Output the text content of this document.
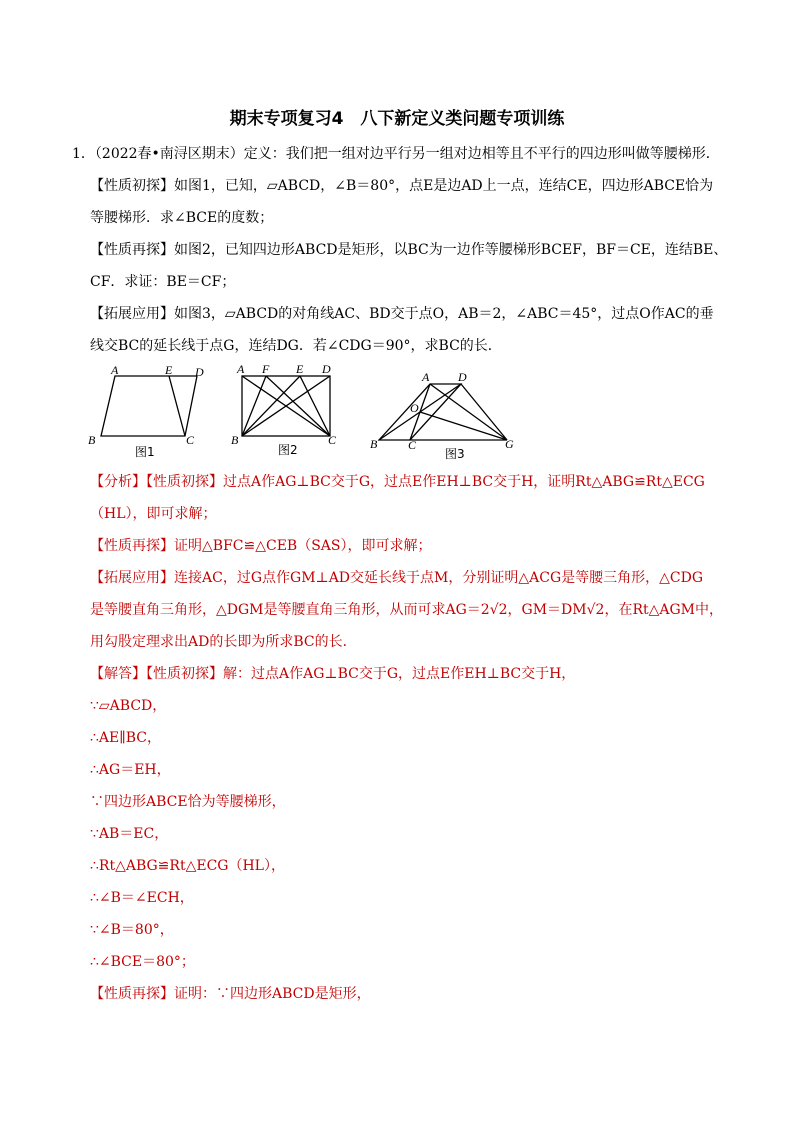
期末专项复习4　八下新定义类问题专项训练
1．（2022春•南浔区期末）定义：我们把一组对边平行另一组对边相等且不平行的四边形叫做等腰梯形．
【性质初探】如图1，已知，▱ABCD，∠B＝80°，点E是边AD上一点，连结CE，四边形ABCE恰为
等腰梯形．求∠BCE的度数；
【性质再探】如图2，已知四边形ABCD是矩形，以BC为一边作等腰梯形BCEF，BF＝CE，连结BE、
CF．求证：BE＝CF；
【拓展应用】如图3，▱ABCD的对角线AC、BD交于点O，AB＝2，∠ABC＝45°，过点O作AC的垂
线交BC的延长线于点G，连结DG．若∠CDG＝90°，求BC的长．
A	E D
B	C
图1
A F E D
B	C
图2
A D
O
B	C	G
图3
【分析】【性质初探】过点A作AG⊥BC交于G，过点E作EH⊥BC交于H，证明Rt△ABG≌Rt△ECG
（HL），即可求解；
【性质再探】证明△BFC≌△CEB（SAS），即可求解；
【拓展应用】连接AC，过G点作GM⊥AD交延长线于点M，分别证明△ACG是等腰三角形，△CDG
是等腰直角三角形，△DGM是等腰直角三角形，从而可求AG＝2√2，GM＝DM√2，在Rt△AGM中，
用勾股定理求出AD的长即为所求BC的长．
【解答】【性质初探】解：过点A作AG⊥BC交于G，过点E作EH⊥BC交于H，
∵▱ABCD，
∴AE∥BC，
∴AG＝EH，
∵四边形ABCE恰为等腰梯形，
∵AB＝EC，
∴Rt△ABG≌Rt△ECG（HL），
∴∠B＝∠ECH，
∵∠B＝80°，
∴∠BCE＝80°；
【性质再探】证明：∵四边形ABCD是矩形，
